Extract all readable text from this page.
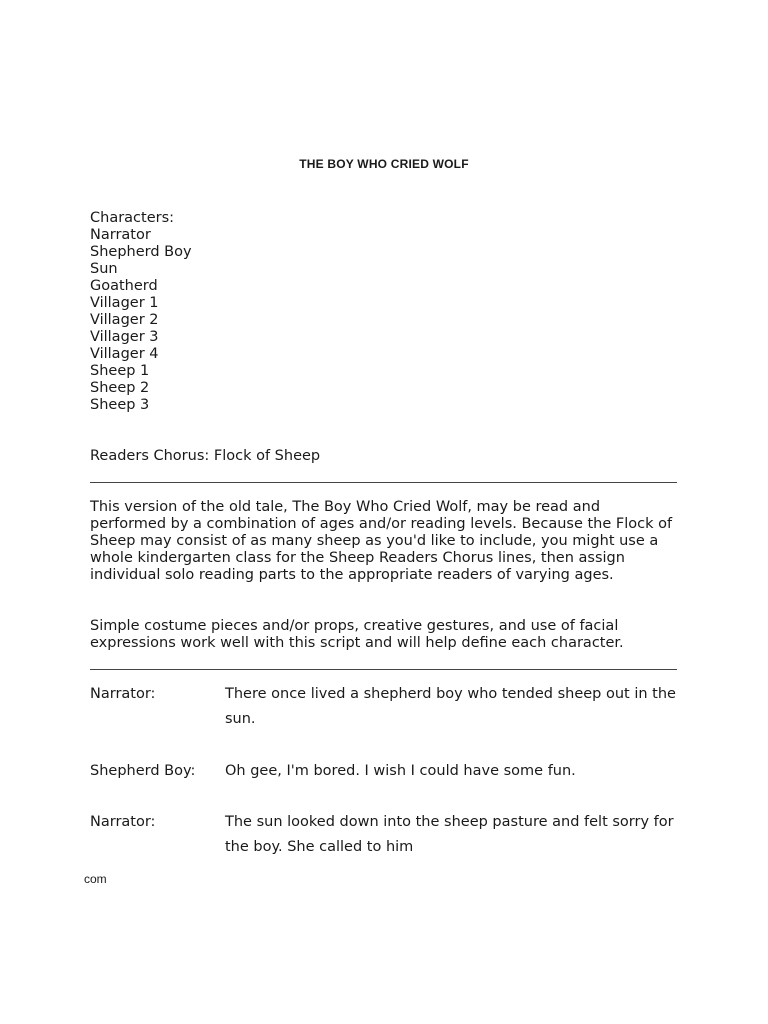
THE BOY WHO CRIED WOLF
Characters:
Narrator
Shepherd Boy
Sun
Goatherd
Villager 1
Villager 2
Villager 3
Villager 4
Sheep 1
Sheep 2
Sheep 3
Readers Chorus: Flock of Sheep
This version of the old tale, The Boy Who Cried Wolf, may be read and performed by a combination of ages and/or reading levels. Because the Flock of Sheep may consist of as many sheep as you'd like to include, you might use a whole kindergarten class for the Sheep Readers Chorus lines, then assign individual solo reading parts to the appropriate readers of varying ages.
Simple costume pieces and/or props, creative gestures, and use of facial expressions work well with this script and will help define each character.
Narrator:	There once lived a shepherd boy who tended sheep out in the sun.
Shepherd Boy:	Oh gee, I'm bored. I wish I could have some fun.
Narrator:	The sun looked down into the sheep pasture and felt sorry for the boy. She called to him
com
